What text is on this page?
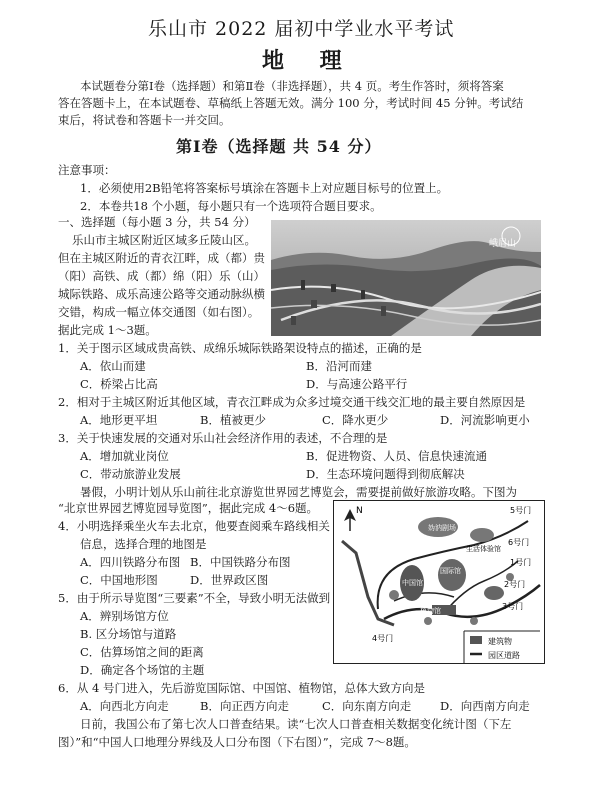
乐山市 2022 届初中学业水平考试
地 理
本试题卷分第Ⅰ卷（选择题）和第Ⅱ卷（非选择题），共 4 页。考生作答时，须将答案
答在答题卡上，在本试题卷、草稿纸上答题无效。满分 100 分，考试时间 45 分钟。考试结
束后，将试卷和答题卡一并交回。
第Ⅰ卷（选择题 共 54 分）
注意事项：
1．必须使用2B铅笔将答案标号填涂在答题卡上对应题目标号的位置上。
2．本卷共18 个小题，每小题只有一个选项符合题目要求。
一、选择题（每小题 3 分，共 54 分）
乐山市主城区附近区域多丘陵山区。
但在主城区附近的青衣江畔，成（都）贵
（阳）高铁、成（都）绵（阳）乐（山）
城际铁路、成乐高速公路等交通动脉纵横
交错，构成一幅立体交通图（如右图）。
据此完成 1～3题。
峨眉山
1．关于图示区域成贵高铁、成绵乐城际铁路架设特点的描述，正确的是
A．依山而建	B．沿河而建
C．桥梁占比高	D．与高速公路平行
2．相对于主城区附近其他区域，青衣江畔成为众多过境交通干线交汇地的最主要自然原因是
A．地形更平坦	B．植被更少	C．降水更少	D．河流影响更小
3．关于快速发展的交通对乐山社会经济作用的表述，不合理的是
A．增加就业岗位	B．促进物资、人员、信息快速流通
C．带动旅游业发展	D．生态环境问题得到彻底解决
暑假，小明计划从乐山前往北京游览世界园艺博览会，需要提前做好旅游攻略。下图为
“北京世界园艺博览园导览图”，据此完成 4～6题。
4．小明选择乘坐火车去北京，他要查阅乘车路线相关
信息，选择合理的地图是
A．四川铁路分布图 B．中国铁路分布图
C．中国地形图	D．世界政区图
5．由于所示导览图“三要素”不全，导致小明无法做到
A．辨别场馆方位
B. 区分场馆与道路
C．估算场馆之间的距离
D．确定各个场馆的主题
6．从 4 号门进入，先后游览国际馆、中国馆、植物馆，总体大致方向是
A．向西北方向走	B．向正西方向走	C．向东南方向走 D．向西南方向走
日前，我国公布了第七次人口普查结果。读“七次人口普查相关数据变化统计图（下左
图）”和“中国人口地理分界线及人口分布图（下右图）”，完成 7～8题。
N	5号门
6号门
1号门
2号门
3号门
4号门
妫汭剧场
生活体验馆
国际馆
中国馆
植物馆
建筑物
园区道路
